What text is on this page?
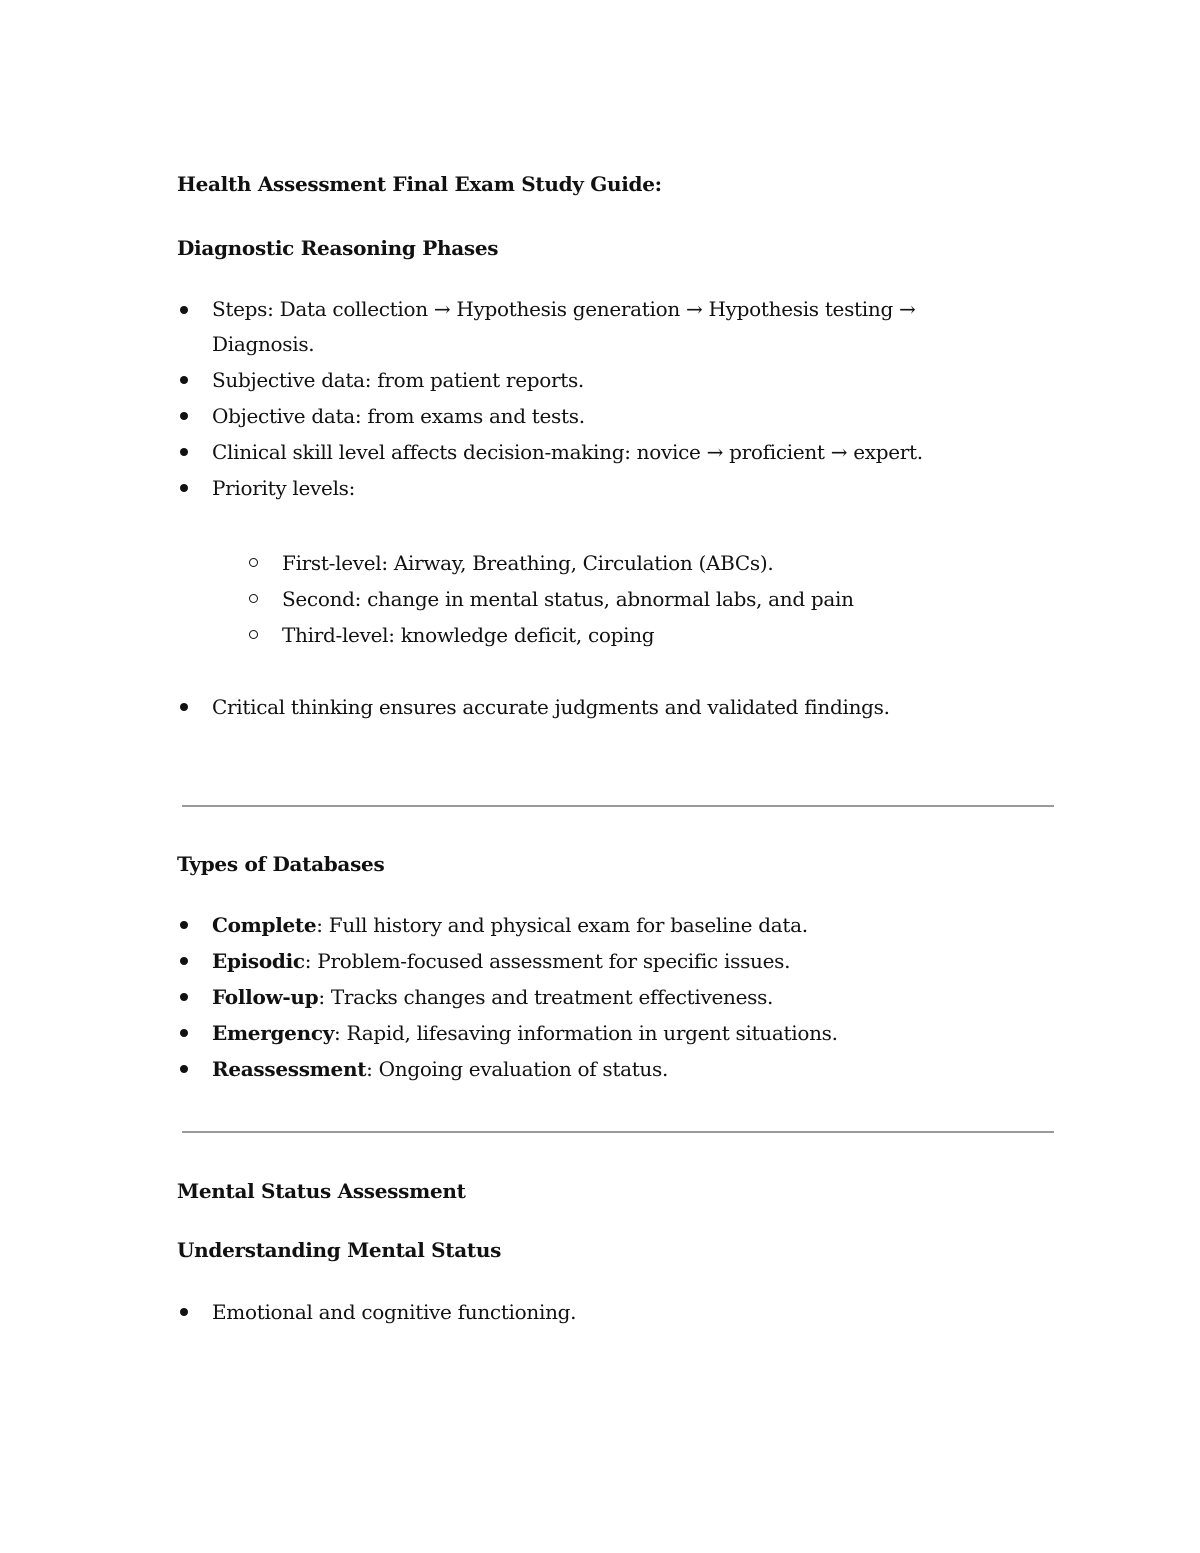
Health Assessment Final Exam Study Guide:
Diagnostic Reasoning Phases
Steps: Data collection → Hypothesis generation → Hypothesis testing → Diagnosis.
Subjective data: from patient reports.
Objective data: from exams and tests.
Clinical skill level affects decision-making: novice → proficient → expert.
Priority levels:
First-level: Airway, Breathing, Circulation (ABCs).
Second: change in mental status, abnormal labs, and pain
Third-level: knowledge deficit, coping
Critical thinking ensures accurate judgments and validated findings.
Types of Databases
Complete: Full history and physical exam for baseline data.
Episodic: Problem-focused assessment for specific issues.
Follow-up: Tracks changes and treatment effectiveness.
Emergency: Rapid, lifesaving information in urgent situations.
Reassessment: Ongoing evaluation of status.
Mental Status Assessment
Understanding Mental Status
Emotional and cognitive functioning.
